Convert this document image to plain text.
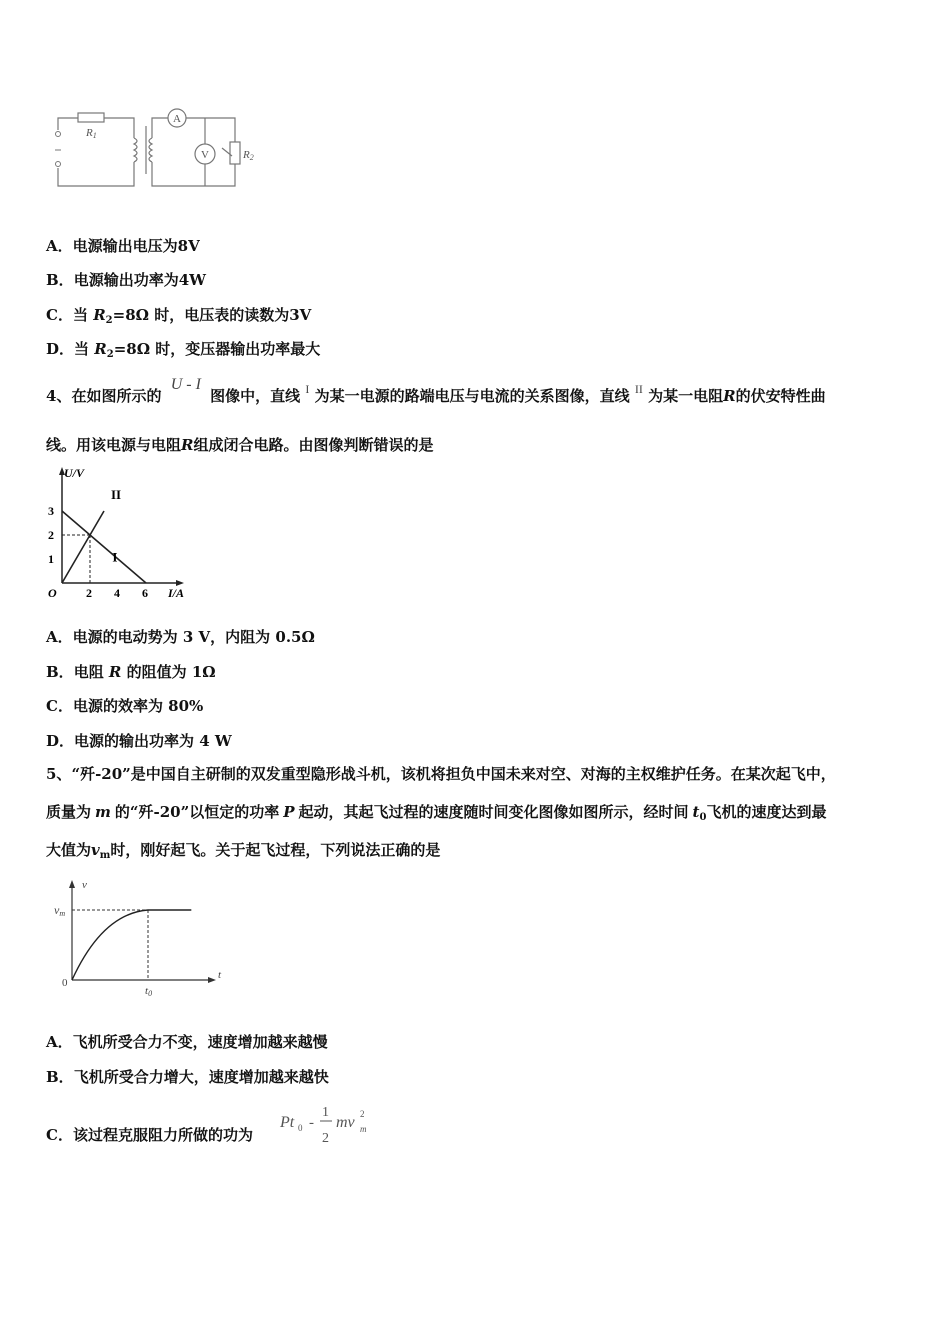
R1
A
V	R2
A．电源输出电压为8V
B．电源输出功率为4W
C．当 $R_2=8\Omega$ 时，电压表的读数为3V
D．当 $R_2=8\Omega$ 时，变压器输出功率最大
4、在如图所示的 U - I 图像中，直线 $^I$ 为某一电源的路端电压与电流的关系图像，直线 $^{II}$ 为某一电阻R的伏安特性曲
线。用该电源与电阻R组成闭合电路。由图像判断错误的是
I
II
2 4 6
1
2
3
O	I/A
U/V
A．电源的电动势为 3 V，内阻为 0.5Ω
B．电阻 R 的阻值为 1Ω
C．电源的效率为 80%
D．电源的输出功率为 4 W
5、“歼-20”是中国自主研制的双发重型隐形战斗机，该机将担负中国未来对空、对海的主权维护任务。在某次起飞中，
质量为 m 的“歼-20”以恒定的功率 P 起动，其起飞过程的速度随时间变化图像如图所示，经时间 $t_0$飞机的速度达到最
大值为$v_m$时，刚好起飞。关于起飞过程，下列说法正确的是
v
t
0
vm
t0
A．飞机所受合力不变，速度增加越来越慢
B．飞机所受合力增大，速度增加越来越快
C．该过程克服阻力所做的功为
Pt 0 -
1
2
mv 2
m
